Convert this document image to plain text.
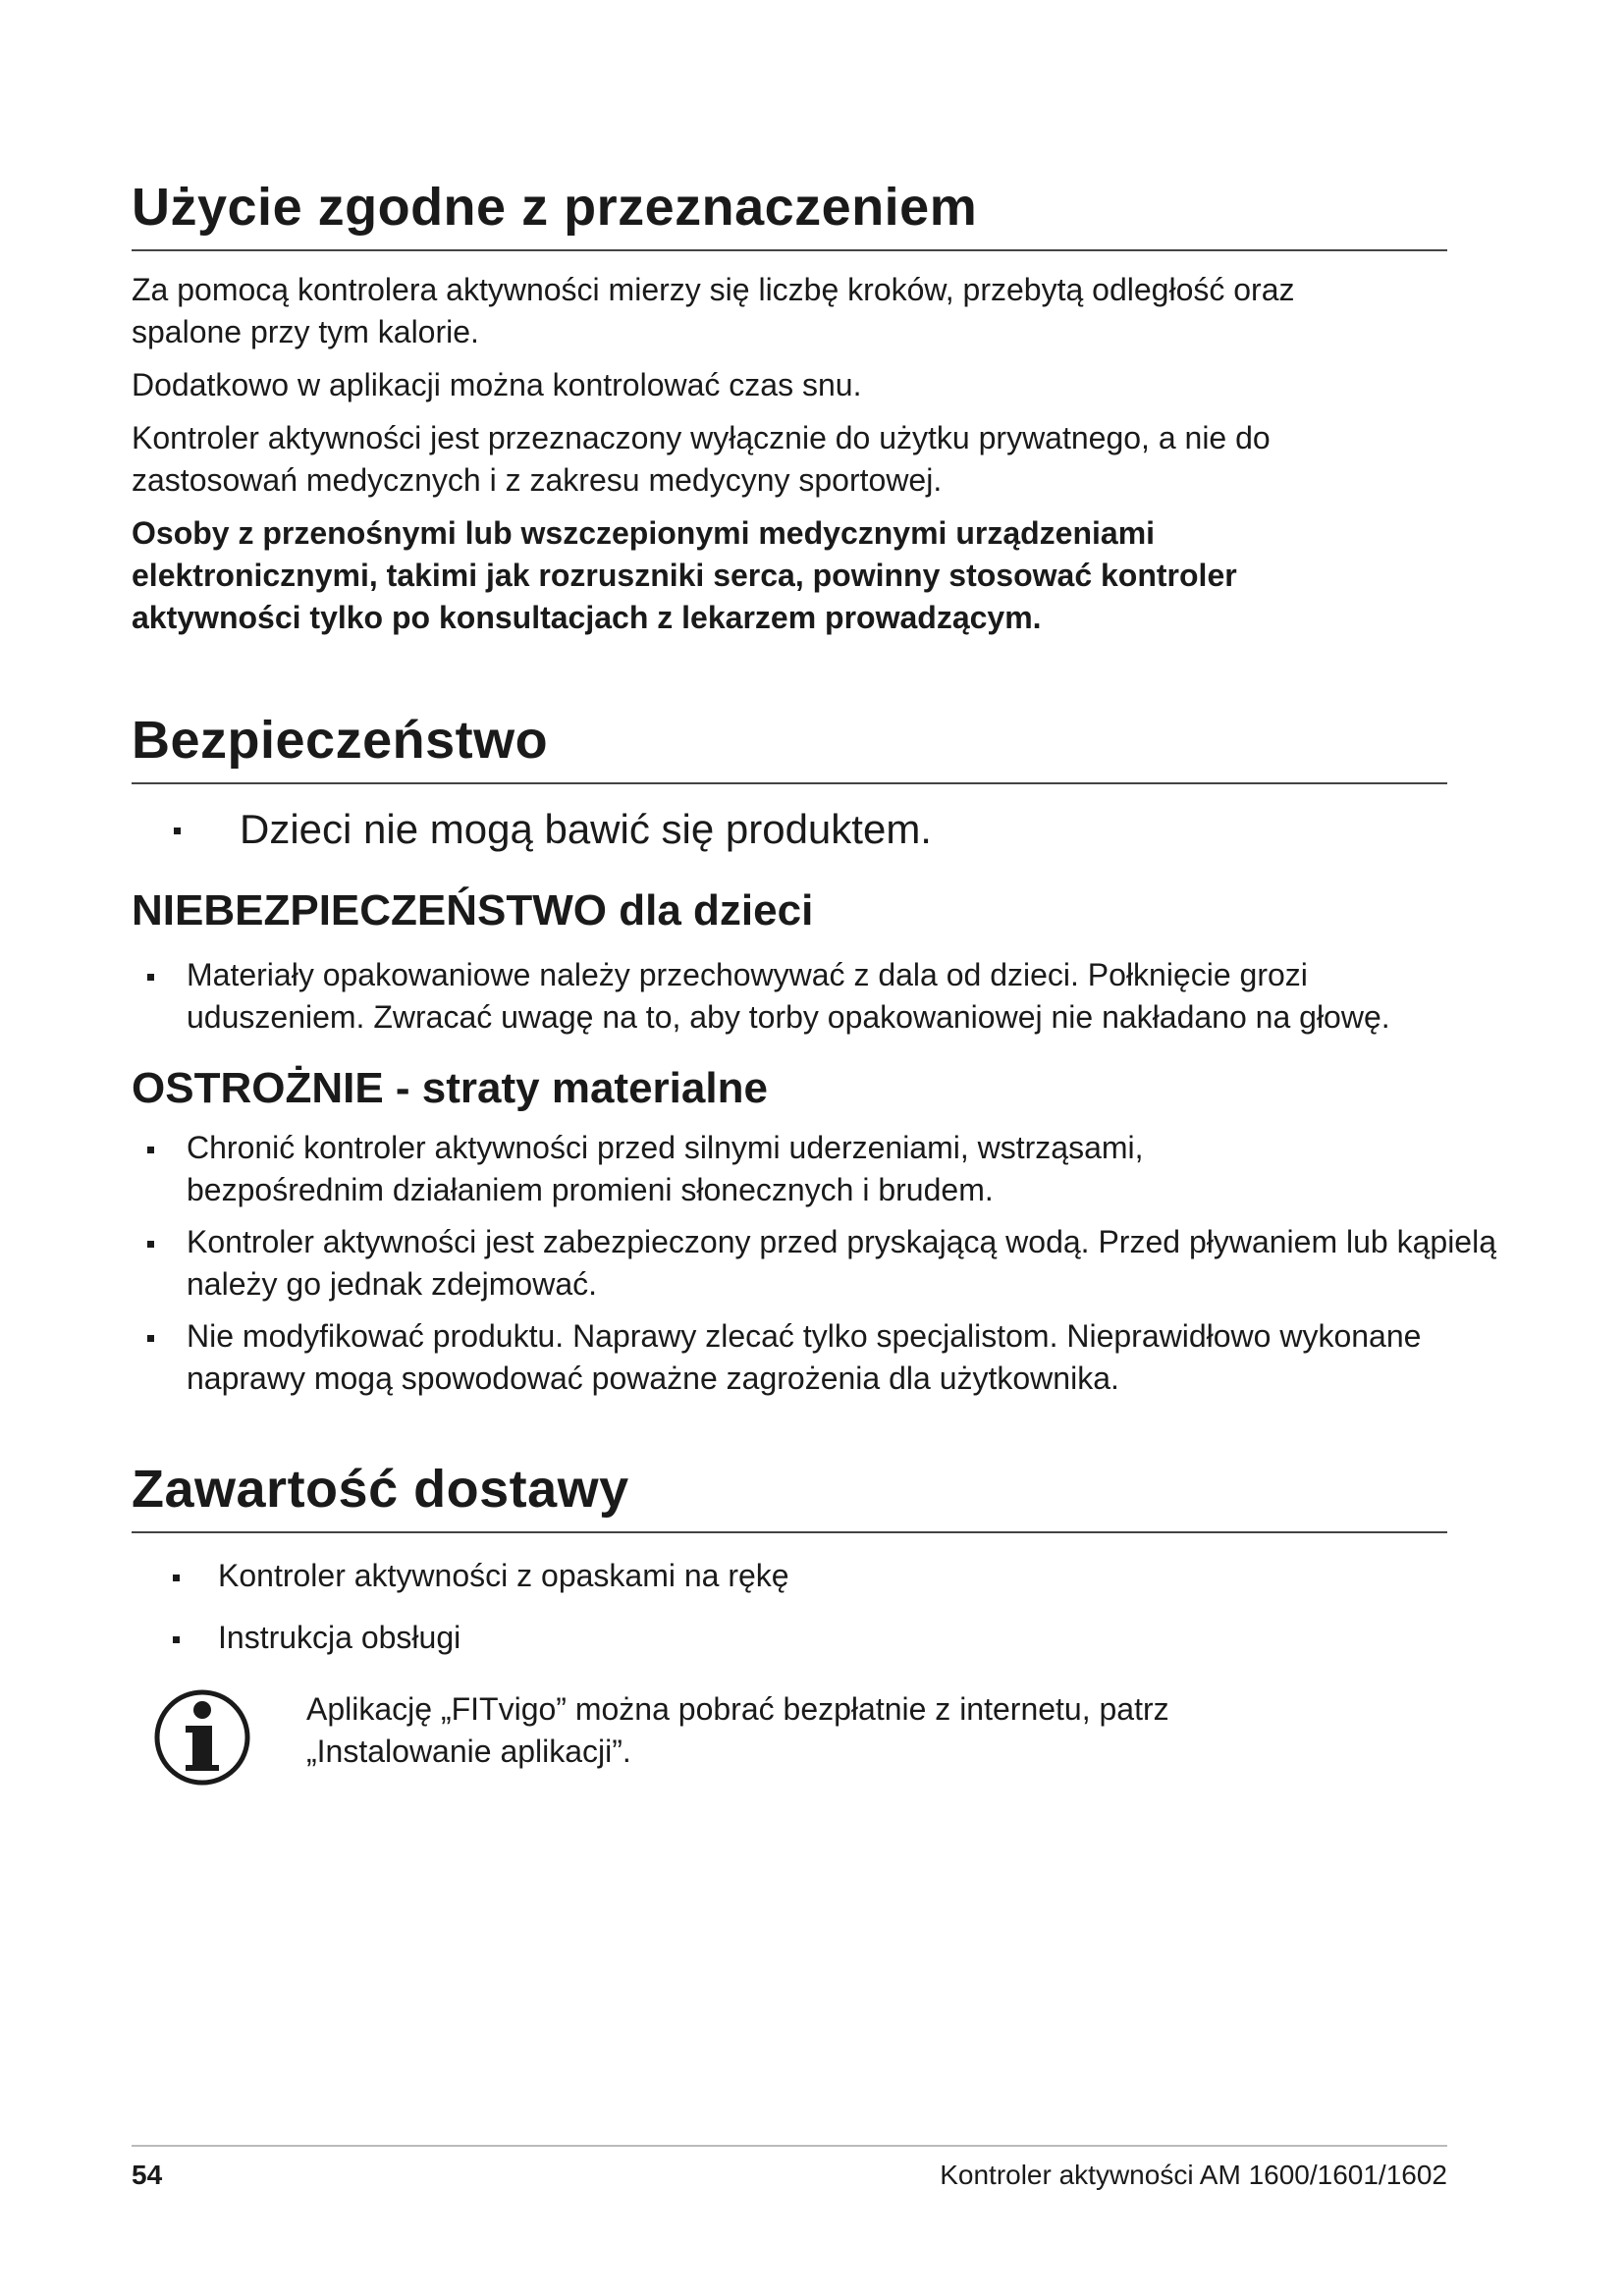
Użycie zgodne z przeznaczeniem

Za pomocą kontrolera aktywności mierzy się liczbę kroków, przebytą odległość oraz spalone przy tym kalorie.

Dodatkowo w aplikacji można kontrolować czas snu.

Kontroler aktywności jest przeznaczony wyłącznie do użytku prywatnego, a nie do zastosowań medycznych i z zakresu medycyny sportowej.

Osoby z przenośnymi lub wszczepionymi medycznymi urządzeniami elektronicznymi, takimi jak rozruszniki serca, powinny stosować kontroler aktywności tylko po konsultacjach z lekarzem prowadzącym.

Bezpieczeństwo
Dzieci nie mogą bawić się produktem.
NIEBEZPIECZEŃSTWO dla dzieci
Materiały opakowaniowe należy przechowywać z dala od dzieci. Połknięcie grozi uduszeniem. Zwracać uwagę na to, aby torby opakowaniowej nie nakładano na głowę.
OSTROŻNIE - straty materialne
Chronić kontroler aktywności przed silnymi uderzeniami, wstrząsami, bezpośrednim działaniem promieni słonecznych i brudem.
Kontroler aktywności jest zabezpieczony przed pryskającą wodą. Przed pływaniem lub kąpielą należy go jednak zdejmować.
Nie modyfikować produktu. Naprawy zlecać tylko specjalistom. Nieprawidłowo wykonane naprawy mogą spowodować poważne zagrożenia dla użytkownika.
Zawartość dostawy
Kontroler aktywności z opaskami na rękę
Instrukcja obsługi
Aplikację „FITvigo” można pobrać bezpłatnie z internetu, patrz „Instalowanie aplikacji”.
54	Kontroler aktywności AM 1600/1601/1602
